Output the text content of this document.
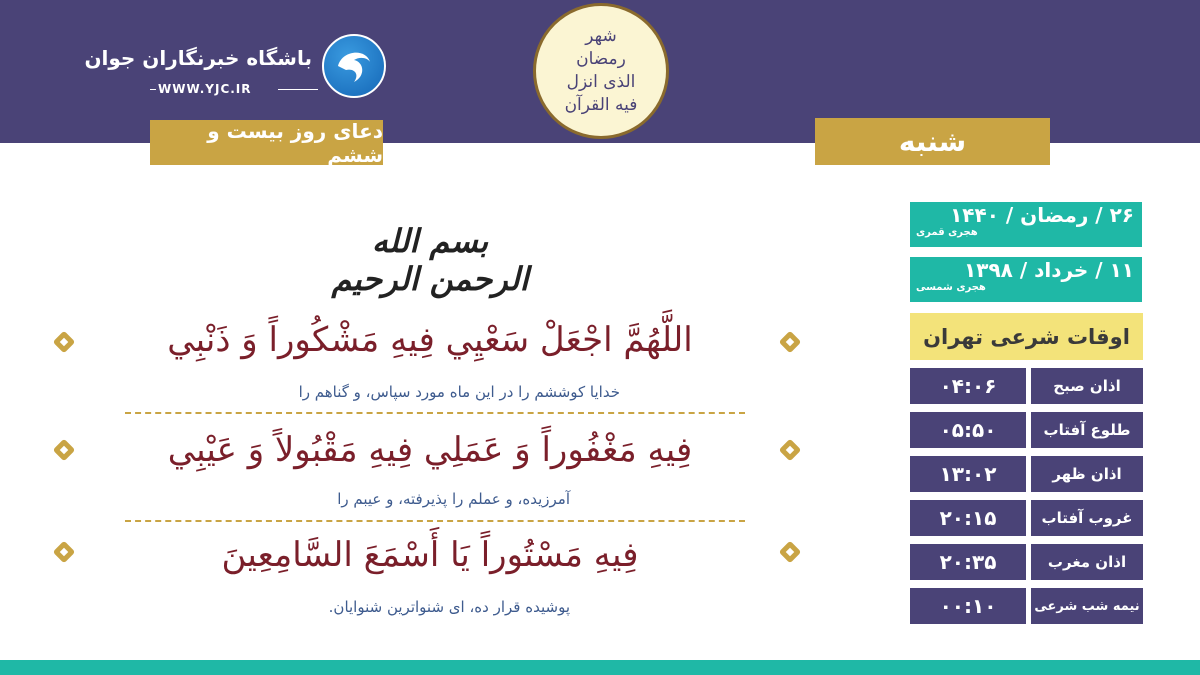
باشگاه خبرنگاران جوان
WWW.YJC.IR
شهر رمضان الذی انزل فیه القرآن
دعای روز بیست و ششم	شنبه
بسم الله الرحمن الرحیم
اللَّهُمَّ اجْعَلْ سَعْيِي فِيهِ مَشْكُوراً وَ ذَنْبِي
خدایا کوششم را در این ماه مورد سپاس، و گناهم را
فِيهِ مَغْفُوراً وَ عَمَلِي فِيهِ مَقْبُولاً وَ عَيْبِي
آمرزیده، و عملم را پذیرفته، و عیبم را
فِيهِ مَسْتُوراً يَا أَسْمَعَ السَّامِعِينَ
پوشیده قرار ده، ای شنواترین شنوایان.
۲۶ / رمضان / ۱۴۴۰
هجری قمری
۱۱ / خرداد / ۱۳۹۸
هجری شمسی
اوقات شرعی تهران
اذان صبح
۰۴:۰۶
طلوع آفتاب
۰۵:۵۰
اذان ظهر
۱۳:۰۲
غروب آفتاب
۲۰:۱۵
اذان مغرب
۲۰:۳۵
نیمه شب شرعی
۰۰:۱۰
